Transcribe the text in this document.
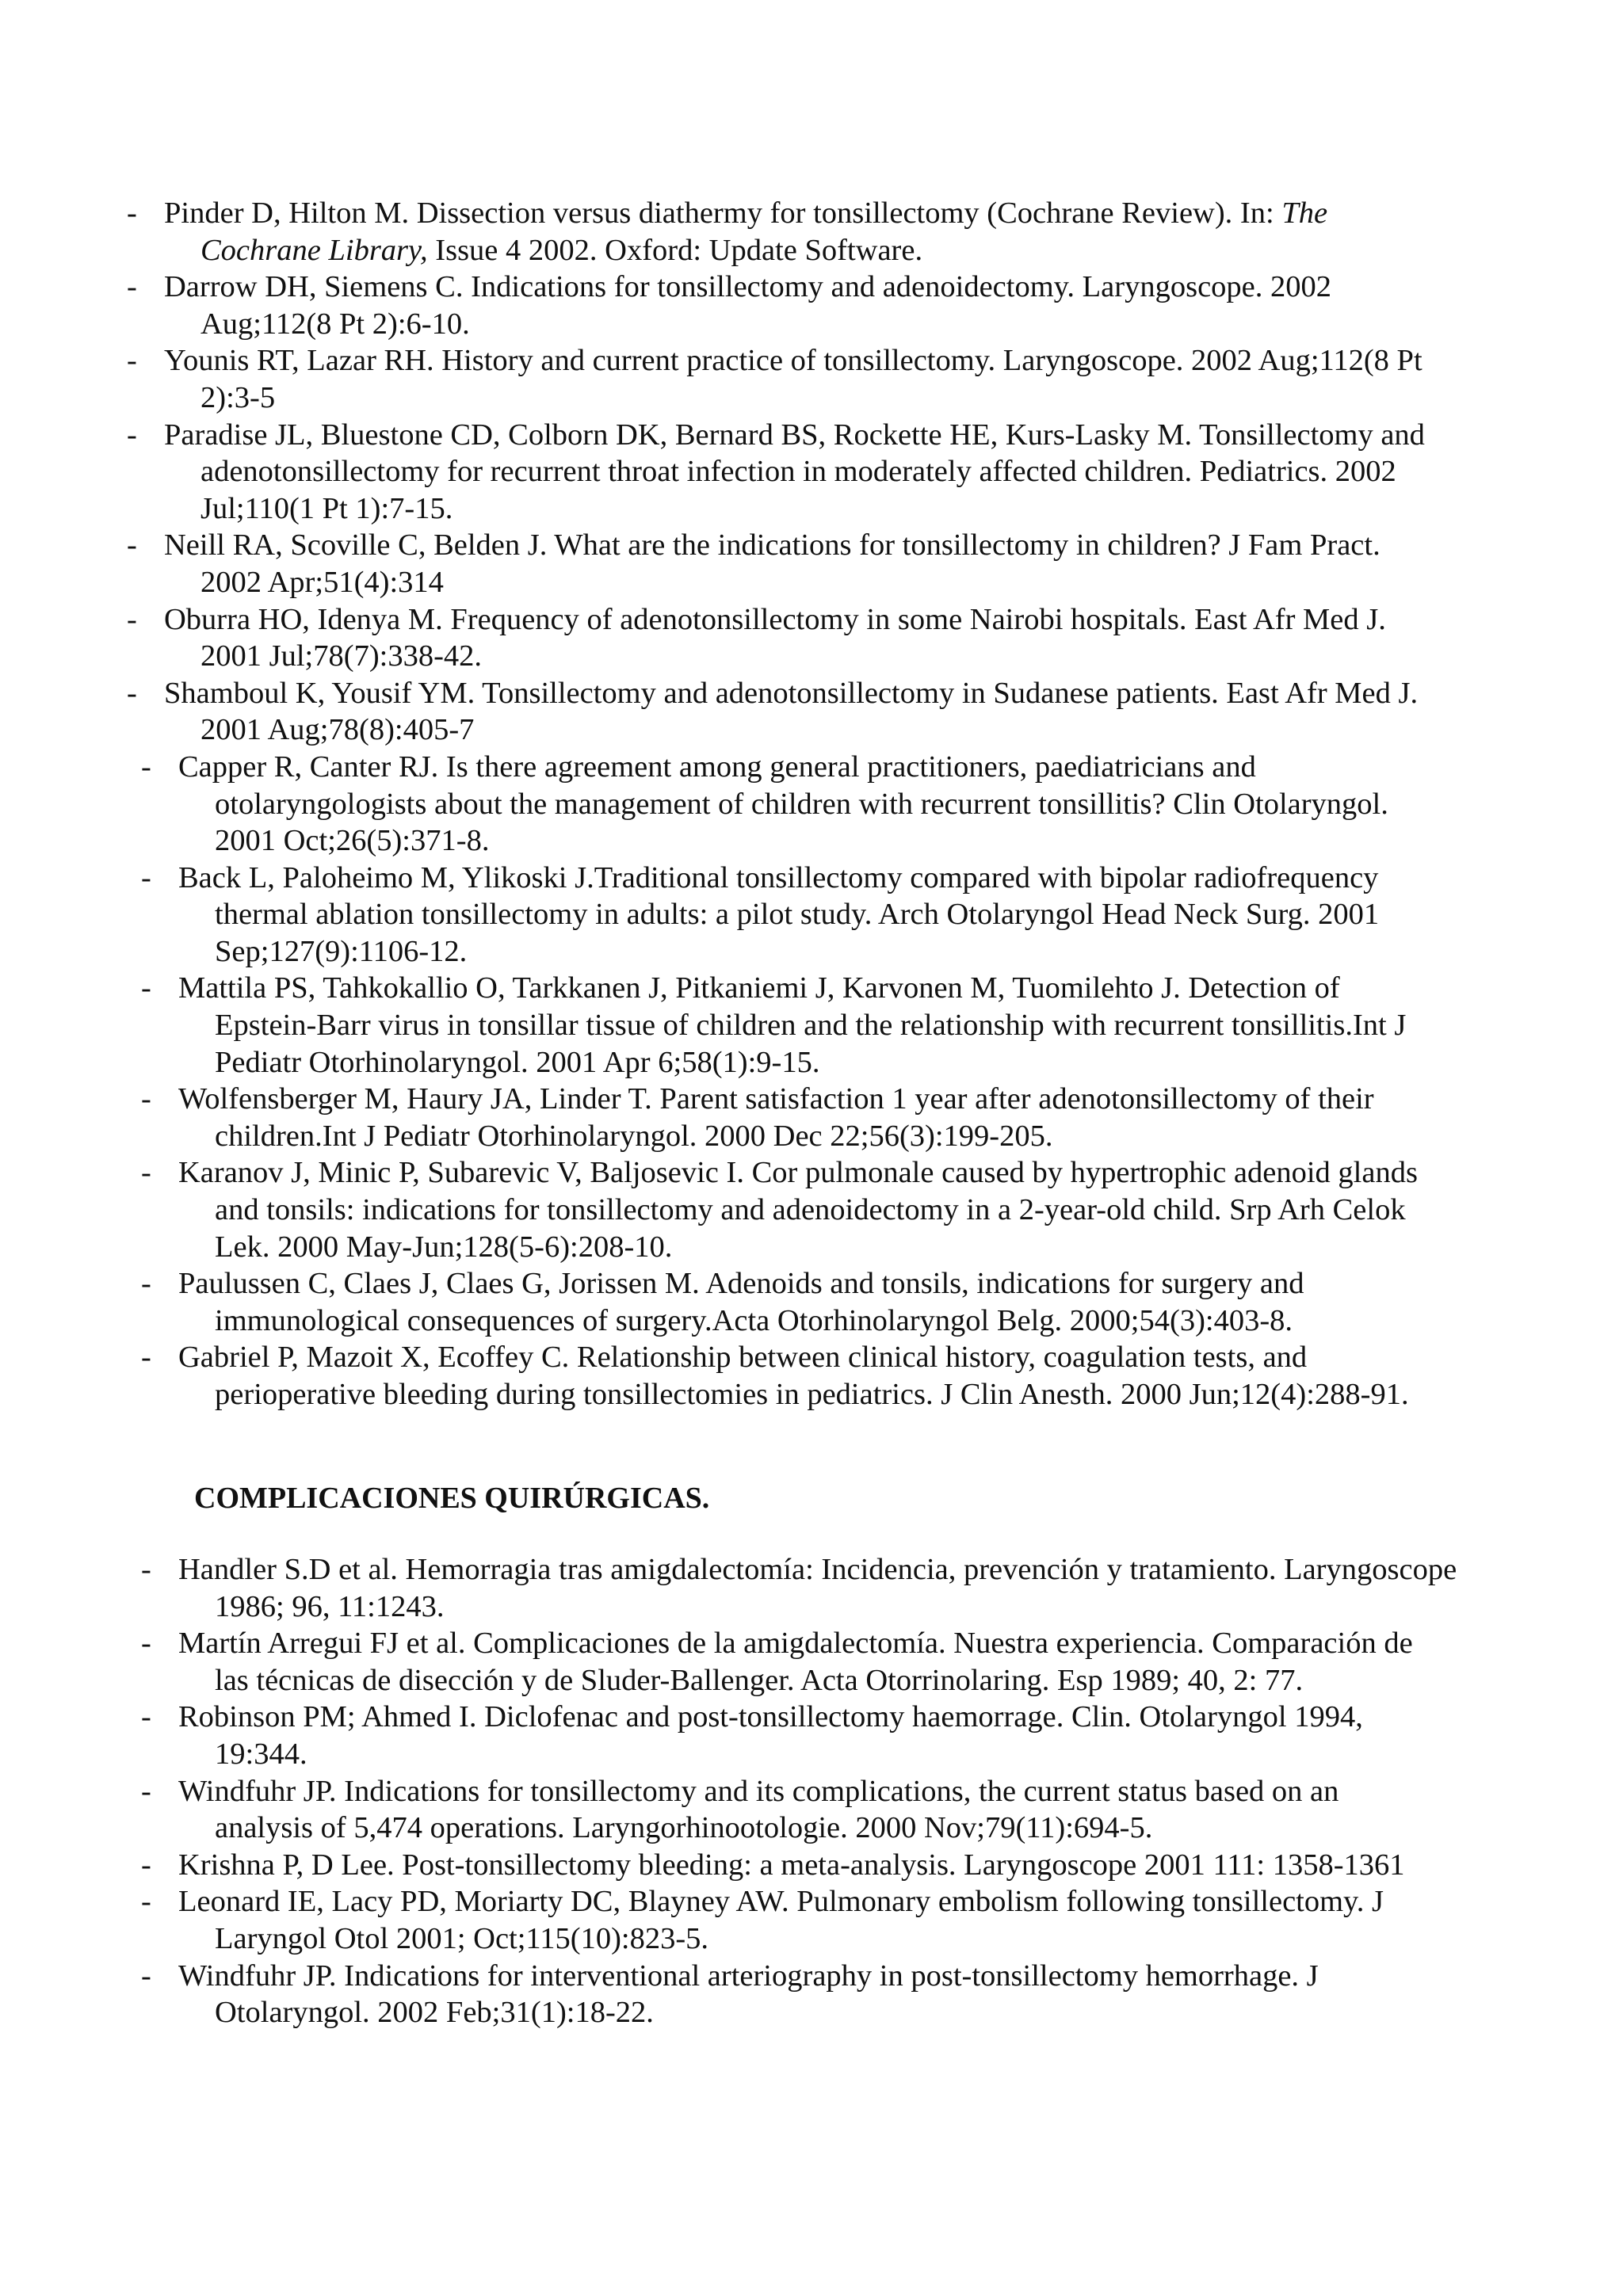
- Pinder D, Hilton M. Dissection versus diathermy for tonsillectomy (Cochrane Review). In: The
Cochrane Library, Issue 4 2002. Oxford: Update Software.
- Darrow DH, Siemens C. Indications for tonsillectomy and adenoidectomy. Laryngoscope. 2002
Aug;112(8 Pt 2):6-10.
- Younis RT, Lazar RH. History and current practice of tonsillectomy. Laryngoscope. 2002 Aug;112(8 Pt
2):3-5
- Paradise JL, Bluestone CD, Colborn DK, Bernard BS, Rockette HE, Kurs-Lasky M. Tonsillectomy and
adenotonsillectomy for recurrent throat infection in moderately affected children. Pediatrics. 2002
Jul;110(1 Pt 1):7-15.
- Neill RA, Scoville C, Belden J. What are the indications for tonsillectomy in children? J Fam Pract.
2002 Apr;51(4):314
- Oburra HO, Idenya M. Frequency of adenotonsillectomy in some Nairobi hospitals. East Afr Med J.
2001 Jul;78(7):338-42.
- Shamboul K, Yousif YM. Tonsillectomy and adenotonsillectomy in Sudanese patients. East Afr Med J.
2001 Aug;78(8):405-7
- Capper R, Canter RJ. Is there agreement among general practitioners, paediatricians and
otolaryngologists about the management of children with recurrent tonsillitis? Clin Otolaryngol.
2001 Oct;26(5):371-8.
- Back L, Paloheimo M, Ylikoski J.Traditional tonsillectomy compared with bipolar radiofrequency
thermal ablation tonsillectomy in adults: a pilot study. Arch Otolaryngol Head Neck Surg. 2001
Sep;127(9):1106-12.
- Mattila PS, Tahkokallio O, Tarkkanen J, Pitkaniemi J, Karvonen M, Tuomilehto J. Detection of
Epstein-Barr virus in tonsillar tissue of children and the relationship with recurrent tonsillitis.Int J
Pediatr Otorhinolaryngol. 2001 Apr 6;58(1):9-15.
- Wolfensberger M, Haury JA, Linder T. Parent satisfaction 1 year after adenotonsillectomy of their
children.Int J Pediatr Otorhinolaryngol. 2000 Dec 22;56(3):199-205.
- Karanov J, Minic P, Subarevic V, Baljosevic I. Cor pulmonale caused by hypertrophic adenoid glands
and tonsils: indications for tonsillectomy and adenoidectomy in a 2-year-old child. Srp Arh Celok
Lek. 2000 May-Jun;128(5-6):208-10.
- Paulussen C, Claes J, Claes G, Jorissen M. Adenoids and tonsils, indications for surgery and
immunological consequences of surgery.Acta Otorhinolaryngol Belg. 2000;54(3):403-8.
- Gabriel P, Mazoit X, Ecoffey C. Relationship between clinical history, coagulation tests, and
perioperative bleeding during tonsillectomies in pediatrics. J Clin Anesth. 2000 Jun;12(4):288-91.
COMPLICACIONES QUIRÚRGICAS.
- Handler S.D et al. Hemorragia tras amigdalectomía: Incidencia, prevención y tratamiento. Laryngoscope
1986; 96, 11:1243.
- Martín Arregui FJ et al. Complicaciones de la amigdalectomía. Nuestra experiencia. Comparación de
las técnicas de disección y de Sluder-Ballenger. Acta Otorrinolaring. Esp 1989; 40, 2: 77.
- Robinson PM; Ahmed I. Diclofenac and post-tonsillectomy haemorrage. Clin. Otolaryngol 1994,
19:344.
- Windfuhr JP. Indications for tonsillectomy and its complications, the current status based on an
analysis of 5,474 operations. Laryngorhinootologie. 2000 Nov;79(11):694-5.
- Krishna P, D Lee. Post-tonsillectomy bleeding: a meta-analysis. Laryngoscope 2001 111: 1358-1361
- Leonard IE, Lacy PD, Moriarty DC, Blayney AW. Pulmonary embolism following tonsillectomy. J
Laryngol Otol 2001; Oct;115(10):823-5.
- Windfuhr JP. Indications for interventional arteriography in post-tonsillectomy hemorrhage. J
Otolaryngol. 2002 Feb;31(1):18-22.
